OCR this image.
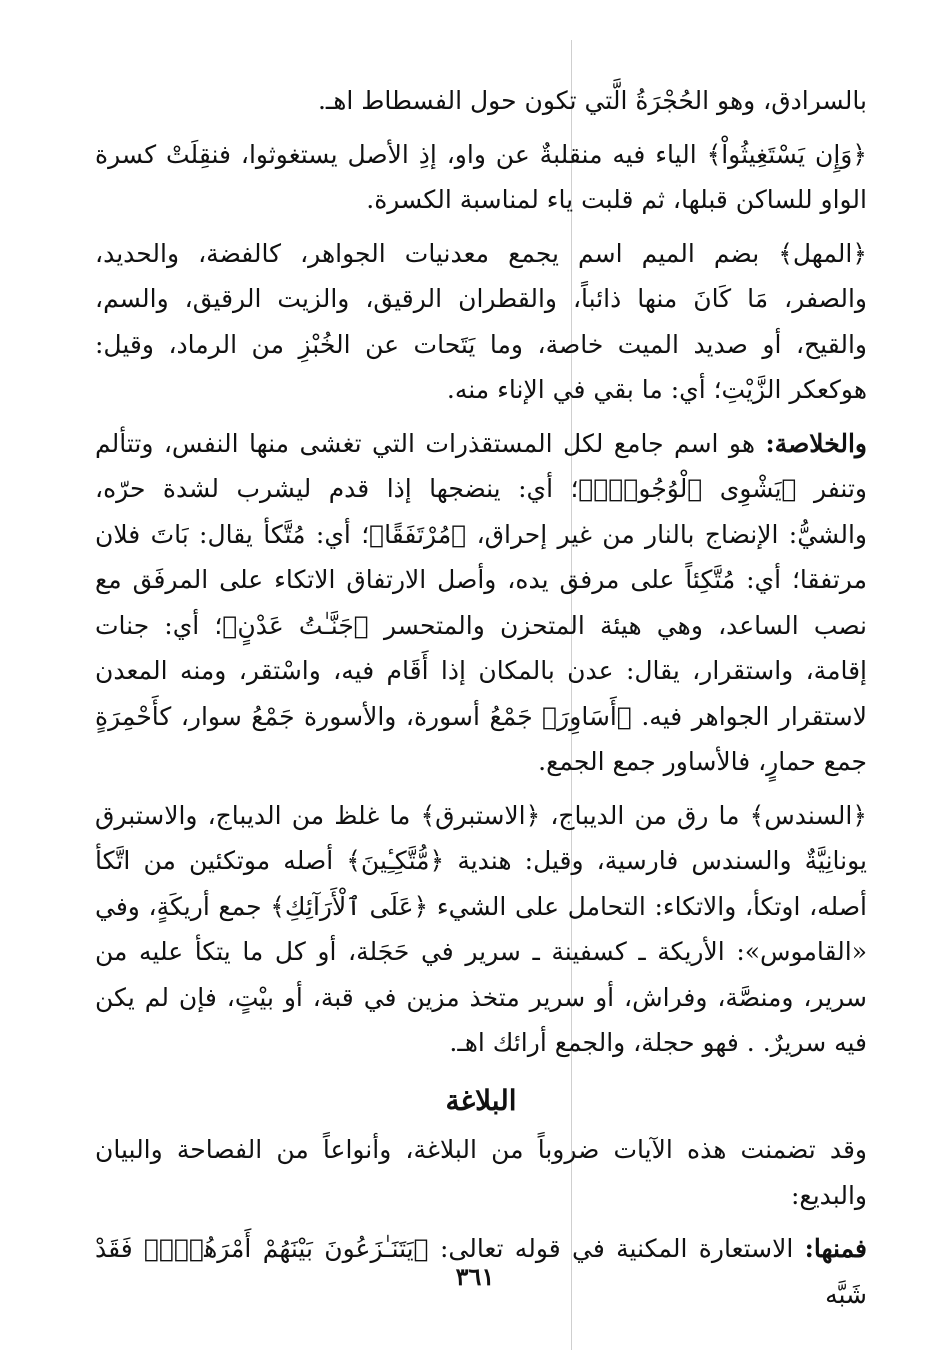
بالسرادق، وهو الحُجْرَةُ الَّتي تكون حول الفسطاط اهـ.

﴿وَإِن يَسْتَغِيثُواْ﴾ الياء فيه منقلبةٌ عن واو، إذِ الأصل يستغوثوا، فنقِلَتْ كسرة الواو للساكن قبلها، ثم قلبت ياء لمناسبة الكسرة.

﴿المهل﴾ بضم الميم اسم يجمع معدنيات الجواهر، كالفضة، والحديد، والصفر، مَا كَانَ منها ذائباً، والقطران الرقيق، والزيت الرقيق، والسم، والقيح، أو صديد الميت خاصة، وما يَتَحات عن الخُبْزِ من الرماد، وقيل: هوكعكر الزَّيْتِ؛ أي: ما بقي في الإناء منه.

والخلاصة: هو اسم جامع لكل المستقذرات التي تغشى منها النفس، وتتألم وتنفر ﴿يَشْوِى ٱلْوُجُوهَۚ﴾؛ أي: ينضجها إذا قدم ليشرب لشدة حرّه، والشيُّ: الإنضاج بالنار من غير إحراق، ﴿مُرْتَفَقًا﴾؛ أي: مُتَّكأ يقال: بَاتَ فلان مرتفقا؛ أي: مُتَّكِئاً على مرفق يده، وأصل الارتفاق الاتكاء على المرفَق مع نصب الساعد، وهي هيئة المتحزن والمتحسر ﴿جَنَّـٰتُ عَدْنٍ﴾؛ أي: جنات إقامة، واستقرار، يقال: عدن بالمكان إذا أَقَام فيه، واسْتقر، ومنه المعدن لاستقرار الجواهر فيه. ﴿أَسَاوِرَ﴾ جَمْعُ أسورة، والأسورة جَمْعُ سوار، كأَحْمِرَةٍ جمع حمارٍ، فالأساور جمع الجمع.

﴿السندس﴾ ما رق من الديباج، ﴿الاستبرق﴾ ما غلظ من الديباج، والاستبرق يونانِيَّةٌ والسندس فارسية، وقيل: هندية ﴿مُّتَّكِـِٔينَ﴾ أصله موتكئين من اتَّكأ أصله، اوتكأ، والاتكاء: التحامل على الشيء ﴿عَلَى ٱلْأَرَآئِكِ﴾ جمع أريكَةٍ، وفي «القاموس»: الأريكة ـ كسفينة ـ سرير في حَجَلة، أو كل ما يتكأ عليه من سرير، ومنصَّة، وفراش، أو سرير متخذ مزين في قبة، أو بيْتٍ، فإن لم يكن فيه سريرٌ. . فهو حجلة، والجمع أرائك اهـ.

البلاغة

وقد تضمنت هذه الآيات ضروباً من البلاغة، وأنواعاً من الفصاحة والبيان والبديع:

فمنها: الاستعارة المكنية في قوله تعالى: ﴿يَتَنَـٰزَعُونَ بَيْنَهُمْ أَمْرَهُمْۖ﴾ فَقَدْ شَبَّه

٣٦١
